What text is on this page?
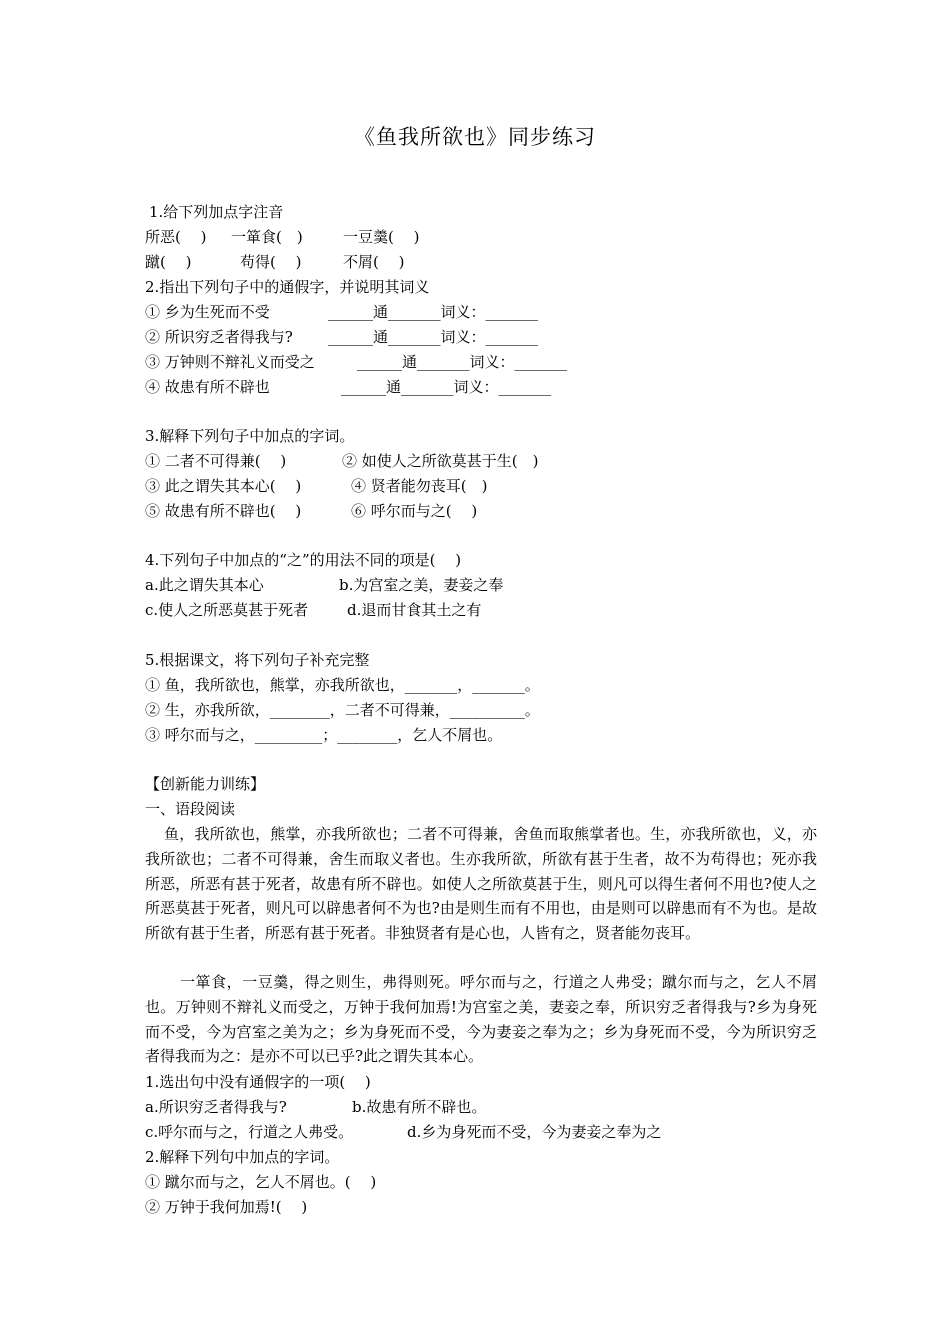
《鱼我所欲也》同步练习
1.给下列加点字注音
所恶(　 ) 一箪食(　)	一豆羹(　 )
蹴(　 )	苟得(　 )	不屑(　 )
2.指出下列句子中的通假字，并说明其词义
① 乡为生死而不受	______通_______词义：_______
② 所识穷乏者得我与? ______通_______词义：_______
③ 万钟则不辩礼义而受之	______通_______词义：_______
④ 故患有所不辟也	______通_______词义：_______
3.解释下列句子中加点的字词。
① 二者不可得兼(　 )	② 如使人之所欲莫甚于生(　)
③ 此之谓失其本心(　 )	④ 贤者能勿丧耳(　)
⑤ 故患有所不辟也(　 )	⑥ 呼尔而与之(　 )
4.下列句子中加点的“之”的用法不同的项是(　 )
a.此之谓失其本心	b.为宫室之美，妻妾之奉
c.使人之所恶莫甚于死者	d.退而甘食其土之有
5.根据课文，将下列句子补充完整
① 鱼，我所欲也，熊掌，亦我所欲也，_______，_______。
② 生，亦我所欲，________，二者不可得兼，__________。
③ 呼尔而与之，_________；________，乞人不屑也。
【创新能力训练】
一、语段阅读
鱼，我所欲也，熊掌，亦我所欲也；二者不可得兼，舍鱼而取熊掌者也。生，亦我所欲也，义，亦我所欲也；二者不可得兼，舍生而取义者也。生亦我所欲，所欲有甚于生者，故不为苟得也；死亦我所恶，所恶有甚于死者，故患有所不辟也。如使人之所欲莫甚于生，则凡可以得生者何不用也?使人之所恶莫甚于死者，则凡可以辟患者何不为也?由是则生而有不用也，由是则可以辟患而有不为也。是故所欲有甚于生者，所恶有甚于死者。非独贤者有是心也，人皆有之，贤者能勿丧耳。
一箪食，一豆羹，得之则生，弗得则死。呼尔而与之，行道之人弗受；蹴尔而与之，乞人不屑也。万钟则不辩礼义而受之，万钟于我何加焉!为宫室之美，妻妾之奉，所识穷乏者得我与?乡为身死而不受，今为宫室之美为之；乡为身死而不受，今为妻妾之奉为之；乡为身死而不受，今为所识穷乏者得我而为之：是亦不可以已乎?此之谓失其本心。
1.选出句中没有通假字的一项(　 )
a.所识穷乏者得我与?	b.故患有所不辟也。
c.呼尔而与之，行道之人弗受。	d.乡为身死而不受，今为妻妾之奉为之
2.解释下列句中加点的字词。
① 蹴尔而与之，乞人不屑也。(　 )
② 万钟于我何加焉!(　 )
